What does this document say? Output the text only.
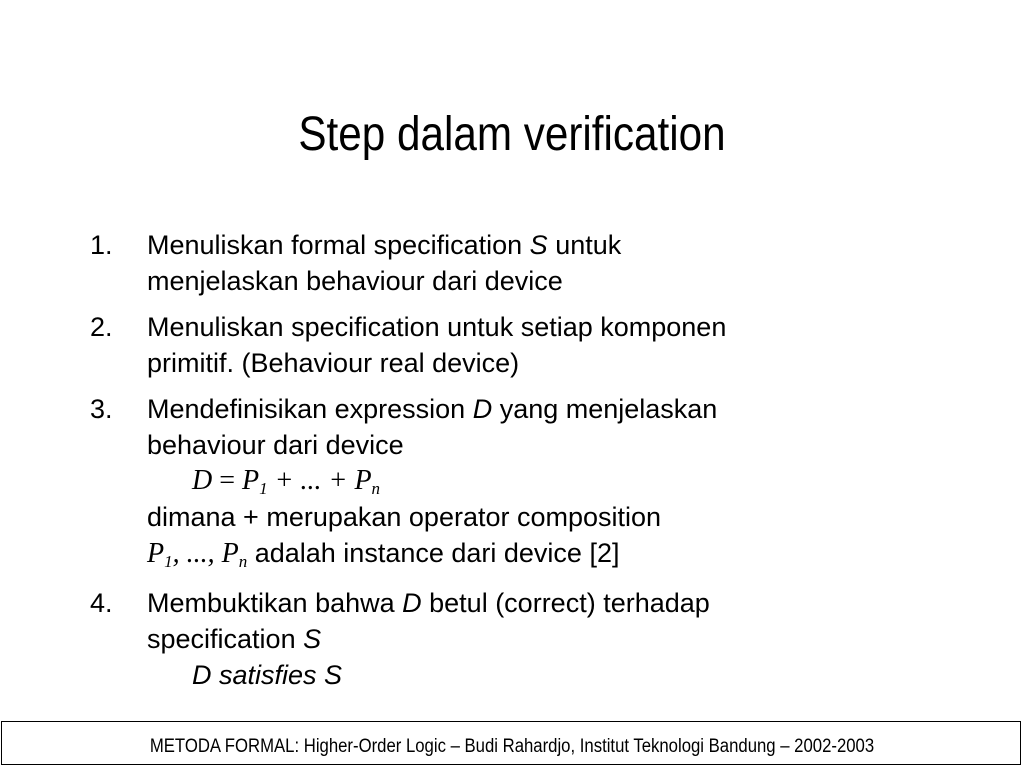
Step dalam verification
1.	Menuliskan formal specification S untuk
menjelaskan behaviour dari device
2.	Menuliskan specification untuk setiap komponen
primitif. (Behaviour real device)
3.	Mendefinisikan expression D yang menjelaskan
behaviour dari device
$D = P_1$ + ... + $P_n$
dimana + merupakan operator composition
$P_1$, ..., $P_n$ adalah instance dari device [2]
4.	Membuktikan bahwa D betul (correct) terhadap
specification S
D satisfies S
METODA FORMAL: Higher-Order Logic – Budi Rahardjo, Institut Teknologi Bandung – 2002-2003
